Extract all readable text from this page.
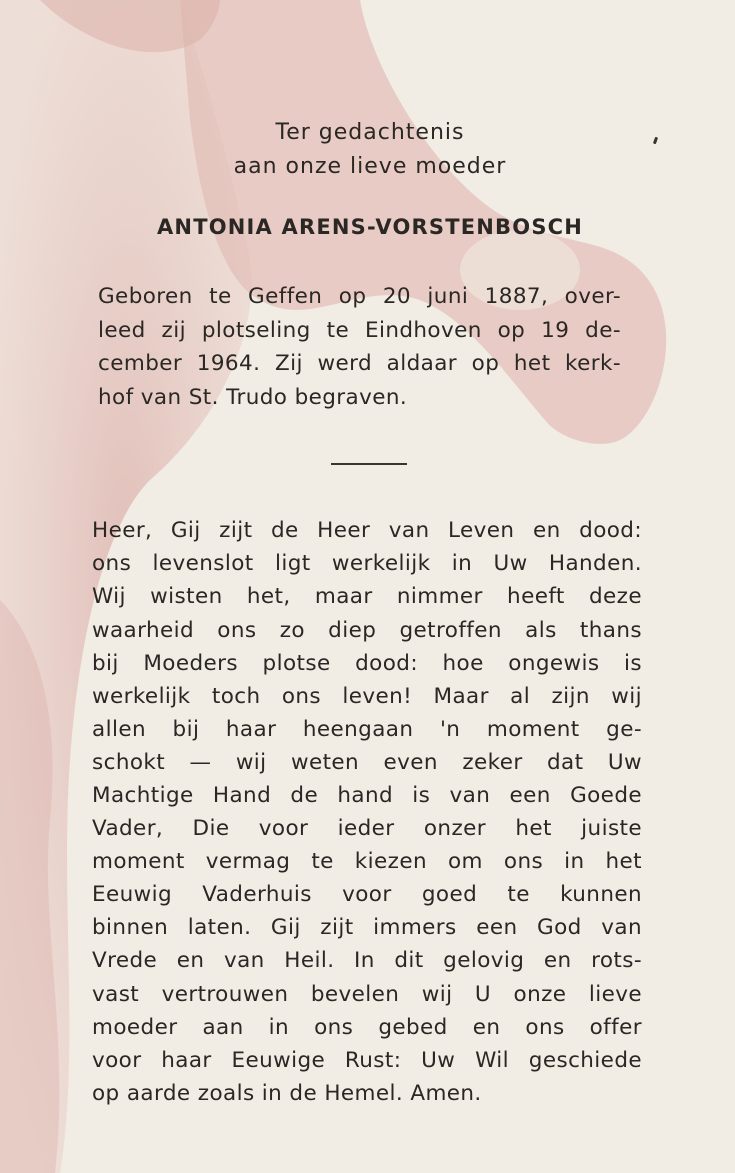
Ter gedachtenis
aan onze lieve moeder
ANTONIA ARENS-VORSTENBOSCH
Geboren te Geffen op 20 juni 1887, over-
leed zij plotseling te Eindhoven op 19 de-
cember 1964. Zij werd aldaar op het kerk-
hof van St. Trudo begraven.
Heer, Gij zijt de Heer van Leven en dood:
ons levenslot ligt werkelijk in Uw Handen.
Wij wisten het, maar nimmer heeft deze
waarheid ons zo diep getroffen als thans
bij Moeders plotse dood: hoe ongewis is
werkelijk toch ons leven! Maar al zijn wij
allen bij haar heengaan 'n moment ge-
schokt — wij weten even zeker dat Uw
Machtige Hand de hand is van een Goede
Vader, Die voor ieder onzer het juiste
moment vermag te kiezen om ons in het
Eeuwig Vaderhuis voor goed te kunnen
binnen laten. Gij zijt immers een God van
Vrede en van Heil. In dit gelovig en rots-
vast vertrouwen bevelen wij U onze lieve
moeder aan in ons gebed en ons offer
voor haar Eeuwige Rust: Uw Wil geschiede
op aarde zoals in de Hemel. Amen.
